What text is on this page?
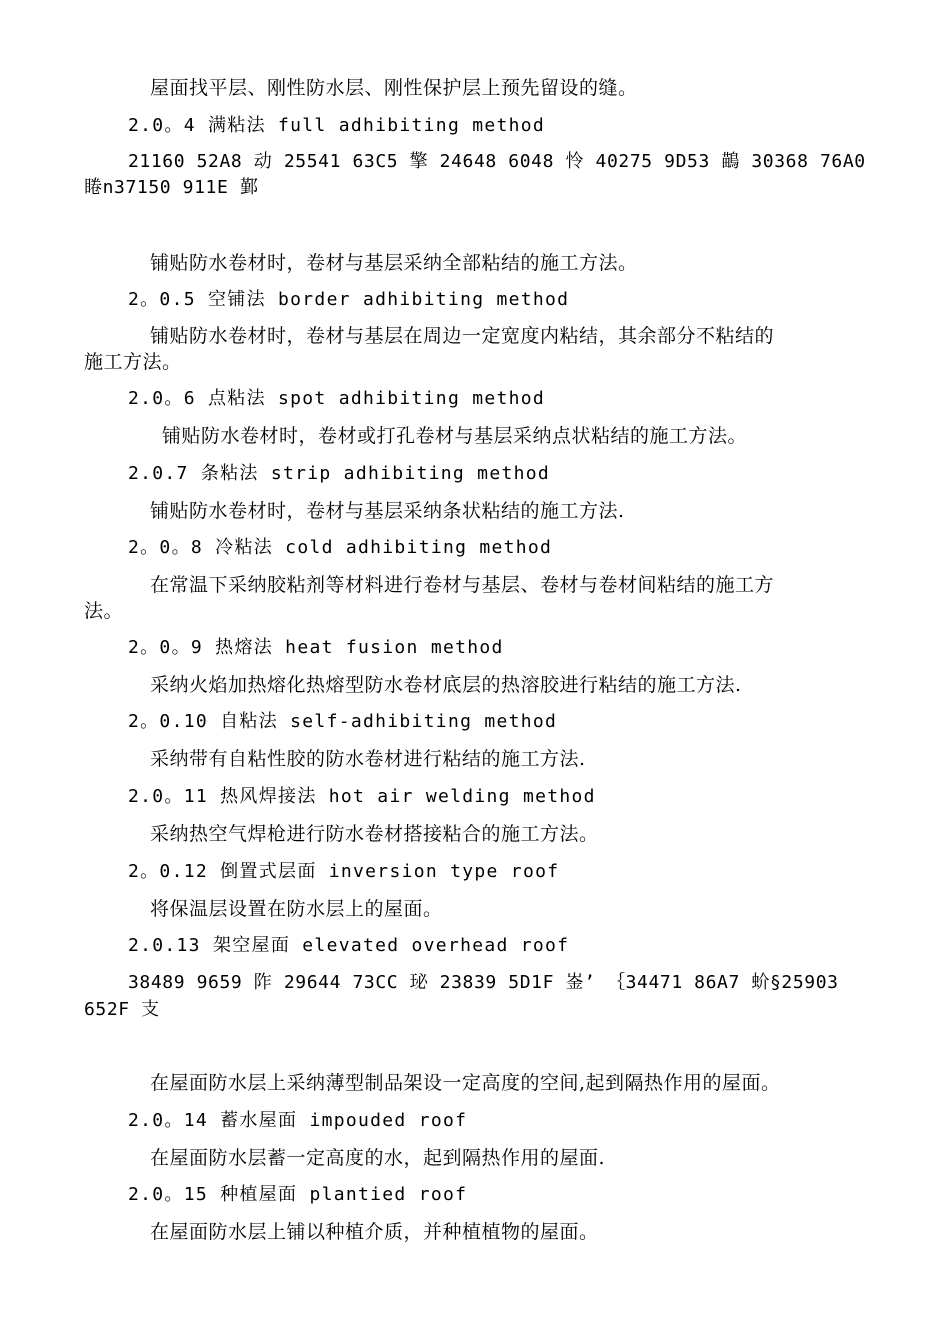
屋面找平层、刚性防水层、刚性保护层上预先留设的缝。
2.0。4 满粘法 full adhibiting method
21160 52A8 动 25541 63C5 擎 24648 6048 怜 40275 9D53 鶓 30368 76A0
睠n37150 911E 鄞
铺贴防水卷材时，卷材与基层采纳全部粘结的施工方法。
2。0.5 空铺法 border adhibiting method
铺贴防水卷材时，卷材与基层在周边一定宽度内粘结，其余部分不粘结的
施工方法。
2.0。6 点粘法 spot adhibiting method
铺贴防水卷材时，卷材或打孔卷材与基层采纳点状粘结的施工方法。
2.0.7 条粘法 strip adhibiting method
铺贴防水卷材时，卷材与基层采纳条状粘结的施工方法.
2。0。8 冷粘法 cold adhibiting method
在常温下采纳胶粘剂等材料进行卷材与基层、卷材与卷材间粘结的施工方
法。
2。0。9 热熔法 heat fusion method
采纳火焰加热熔化热熔型防水卷材底层的热溶胶进行粘结的施工方法.
2。0.10 自粘法 self-adhibiting method
采纳带有自粘性胶的防水卷材进行粘结的施工方法.
2.0。11 热风焊接法 hot air welding method
采纳热空气焊枪进行防水卷材搭接粘合的施工方法。
2。0.12 倒置式层面 inversion type roof
将保温层设置在防水层上的屋面。
2.0.13 架空屋面 elevated overhead roof
38489 9659 阼 29644 73CC 珌 23839 5D1F 崟’ ｛34471 86A7 蚧§25903
652F 支
在屋面防水层上采纳薄型制品架设一定高度的空间,起到隔热作用的屋面。
2.0。14 蓄水屋面 impouded roof
在屋面防水层蓄一定高度的水，起到隔热作用的屋面.
2.0。15 种植屋面 plantied roof
在屋面防水层上铺以种植介质，并种植植物的屋面。
